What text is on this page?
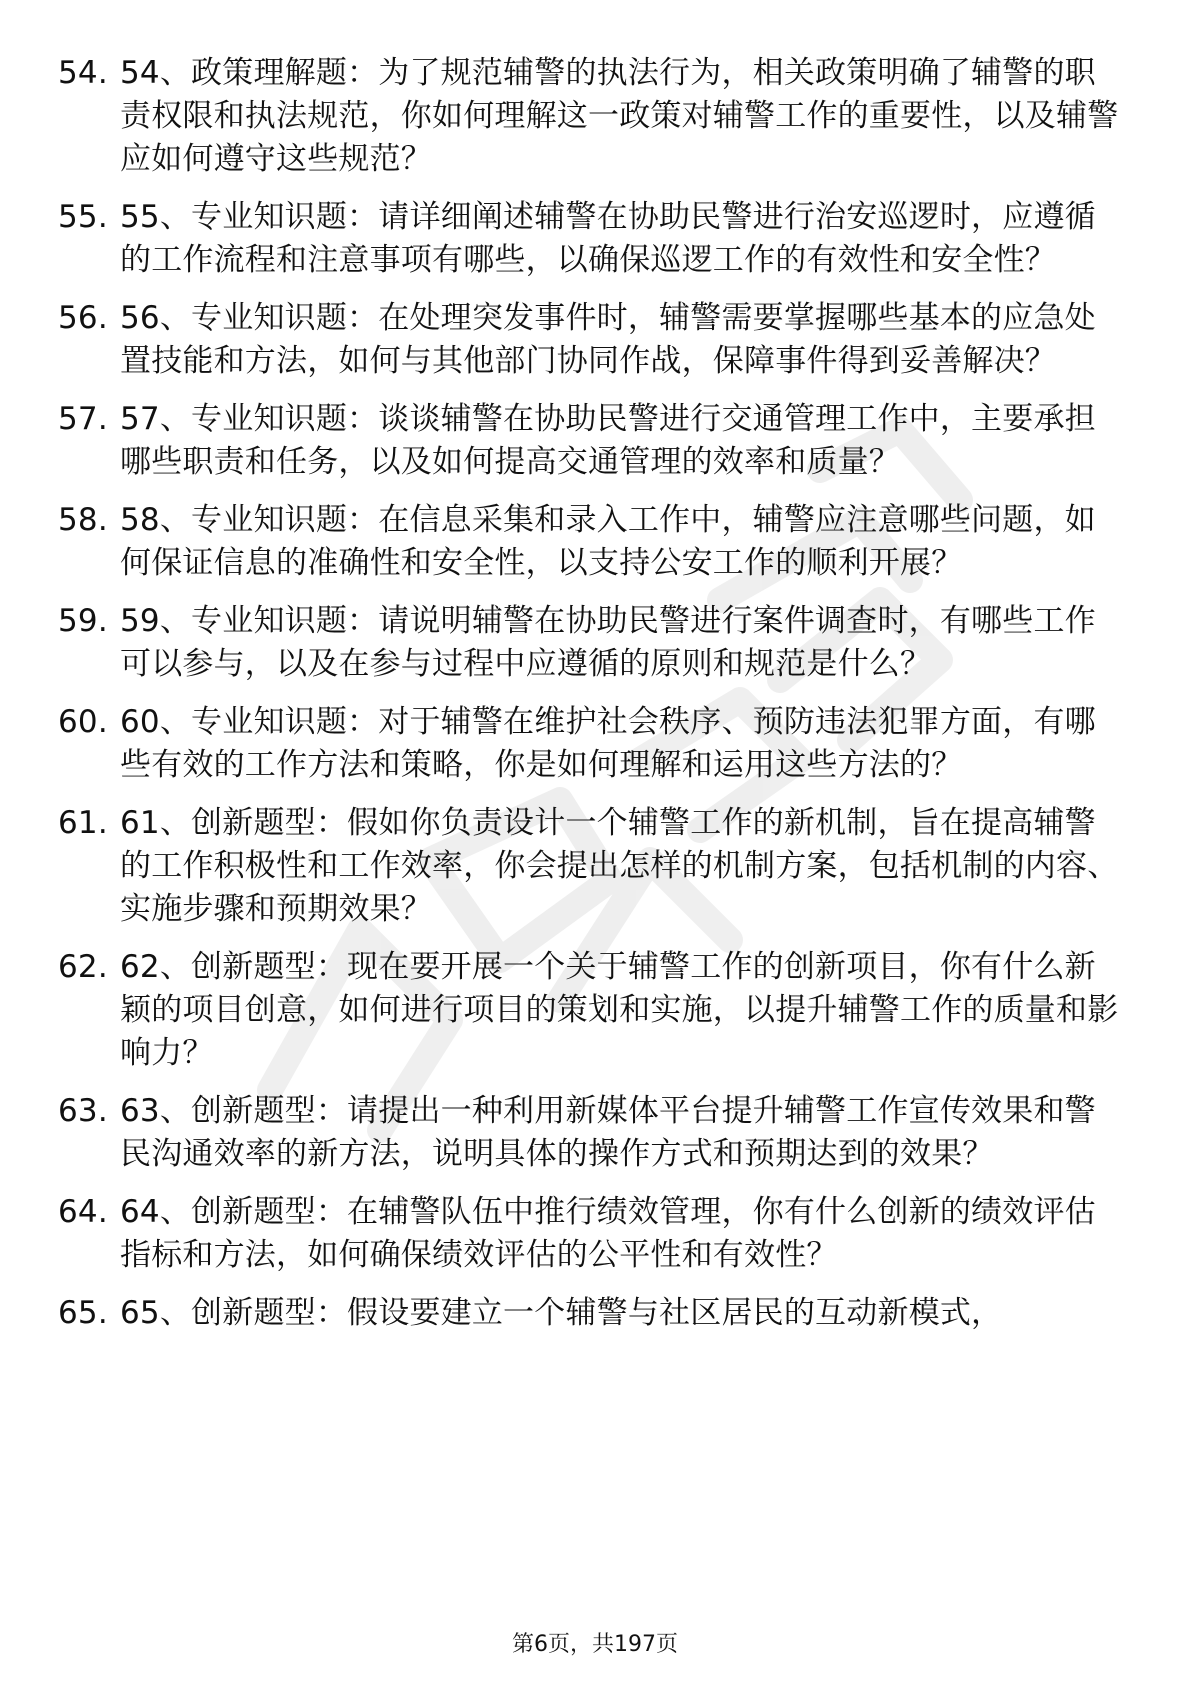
54. 54、政策理解题：为了规范辅警的执法行为，相关政策明确了辅警的职责权限和执法规范，你如何理解这一政策对辅警工作的重要性，以及辅警应如何遵守这些规范？
55. 55、专业知识题：请详细阐述辅警在协助民警进行治安巡逻时，应遵循的工作流程和注意事项有哪些，以确保巡逻工作的有效性和安全性？
56. 56、专业知识题：在处理突发事件时，辅警需要掌握哪些基本的应急处置技能和方法，如何与其他部门协同作战，保障事件得到妥善解决？
57. 57、专业知识题：谈谈辅警在协助民警进行交通管理工作中，主要承担哪些职责和任务，以及如何提高交通管理的效率和质量？
58. 58、专业知识题：在信息采集和录入工作中，辅警应注意哪些问题，如何保证信息的准确性和安全性，以支持公安工作的顺利开展？
59. 59、专业知识题：请说明辅警在协助民警进行案件调查时，有哪些工作可以参与，以及在参与过程中应遵循的原则和规范是什么？
60. 60、专业知识题：对于辅警在维护社会秩序、预防违法犯罪方面，有哪些有效的工作方法和策略，你是如何理解和运用这些方法的？
61. 61、创新题型：假如你负责设计一个辅警工作的新机制，旨在提高辅警的工作积极性和工作效率，你会提出怎样的机制方案，包括机制的内容、实施步骤和预期效果？
62. 62、创新题型：现在要开展一个关于辅警工作的创新项目，你有什么新颖的项目创意，如何进行项目的策划和实施，以提升辅警工作的质量和影响力？
63. 63、创新题型：请提出一种利用新媒体平台提升辅警工作宣传效果和警民沟通效率的新方法，说明具体的操作方式和预期达到的效果？
64. 64、创新题型：在辅警队伍中推行绩效管理，你有什么创新的绩效评估指标和方法，如何确保绩效评估的公平性和有效性？
65. 65、创新题型：假设要建立一个辅警与社区居民的互动新模式，
第6页，共197页
